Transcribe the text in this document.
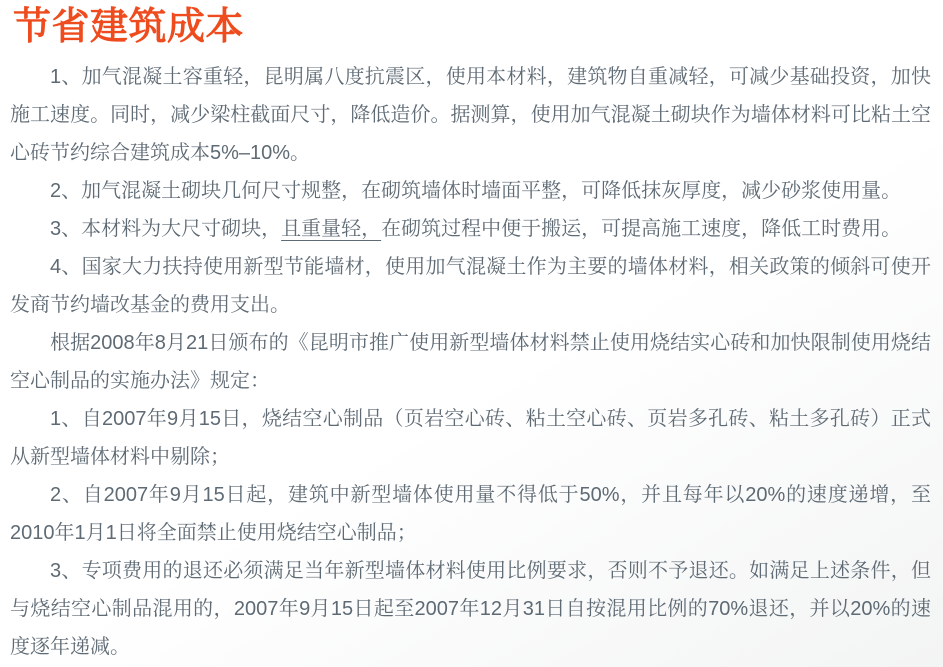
节省建筑成本

1、加气混凝土容重轻，昆明属八度抗震区，使用本材料，建筑物自重减轻，可减少基础投资，加快施工速度。同时，减少梁柱截面尺寸，降低造价。据测算，使用加气混凝土砌块作为墙体材料可比粘土空心砖节约综合建筑成本5%–10%。

2、加气混凝土砌块几何尺寸规整，在砌筑墙体时墙面平整，可降低抹灰厚度，减少砂浆使用量。

3、本材料为大尺寸砌块，且重量轻，在砌筑过程中便于搬运，可提高施工速度，降低工时费用。

4、国家大力扶持使用新型节能墙材，使用加气混凝土作为主要的墙体材料，相关政策的倾斜可使开发商节约墙改基金的费用支出。

根据2008年8月21日颁布的《昆明市推广使用新型墙体材料禁止使用烧结实心砖和加快限制使用烧结空心制品的实施办法》规定：

1、自2007年9月15日，烧结空心制品（页岩空心砖、粘土空心砖、页岩多孔砖、粘土多孔砖）正式从新型墙体材料中剔除；

2、自2007年9月15日起，建筑中新型墙体使用量不得低于50%，并且每年以20%的速度递增，至2010年1月1日将全面禁止使用烧结空心制品；

3、专项费用的退还必须满足当年新型墙体材料使用比例要求，否则不予退还。如满足上述条件，但与烧结空心制品混用的，2007年9月15日起至2007年12月31日自按混用比例的70%退还，并以20%的速度逐年递减。
